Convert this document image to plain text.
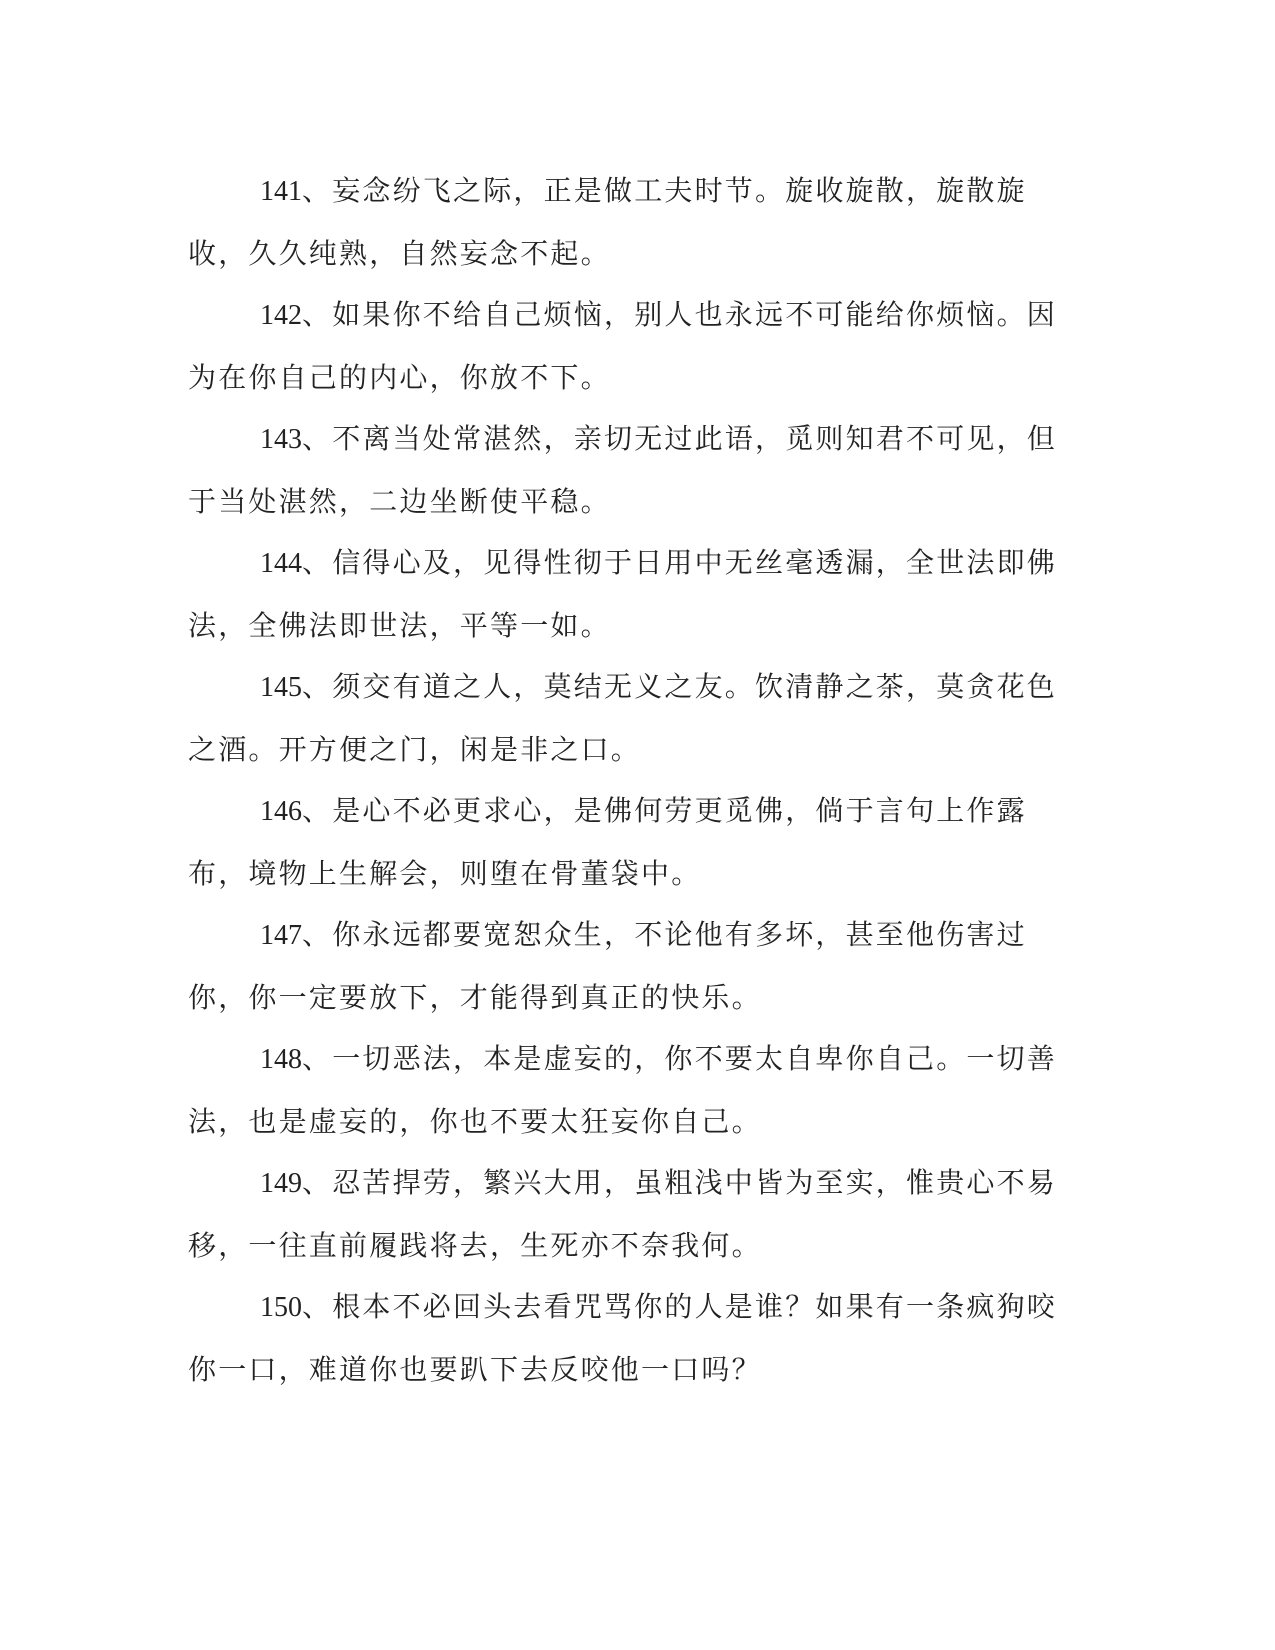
141、妄念纷飞之际，正是做工夫时节。旋收旋散，旋散旋收，久久纯熟，自然妄念不起。

142、如果你不给自己烦恼，别人也永远不可能给你烦恼。因为在你自己的内心，你放不下。

143、不离当处常湛然，亲切无过此语，觅则知君不可见，但于当处湛然，二边坐断使平稳。

144、信得心及，见得性彻于日用中无丝毫透漏，全世法即佛法，全佛法即世法，平等一如。

145、须交有道之人，莫结无义之友。饮清静之茶，莫贪花色之酒。开方便之门，闲是非之口。

146、是心不必更求心，是佛何劳更觅佛，倘于言句上作露布，境物上生解会，则堕在骨董袋中。

147、你永远都要宽恕众生，不论他有多坏，甚至他伤害过你，你一定要放下，才能得到真正的快乐。

148、一切恶法，本是虚妄的，你不要太自卑你自己。一切善法，也是虚妄的，你也不要太狂妄你自己。

149、忍苦捍劳，繁兴大用，虽粗浅中皆为至实，惟贵心不易移，一往直前履践将去，生死亦不奈我何。

150、根本不必回头去看咒骂你的人是谁？如果有一条疯狗咬你一口，难道你也要趴下去反咬他一口吗？
